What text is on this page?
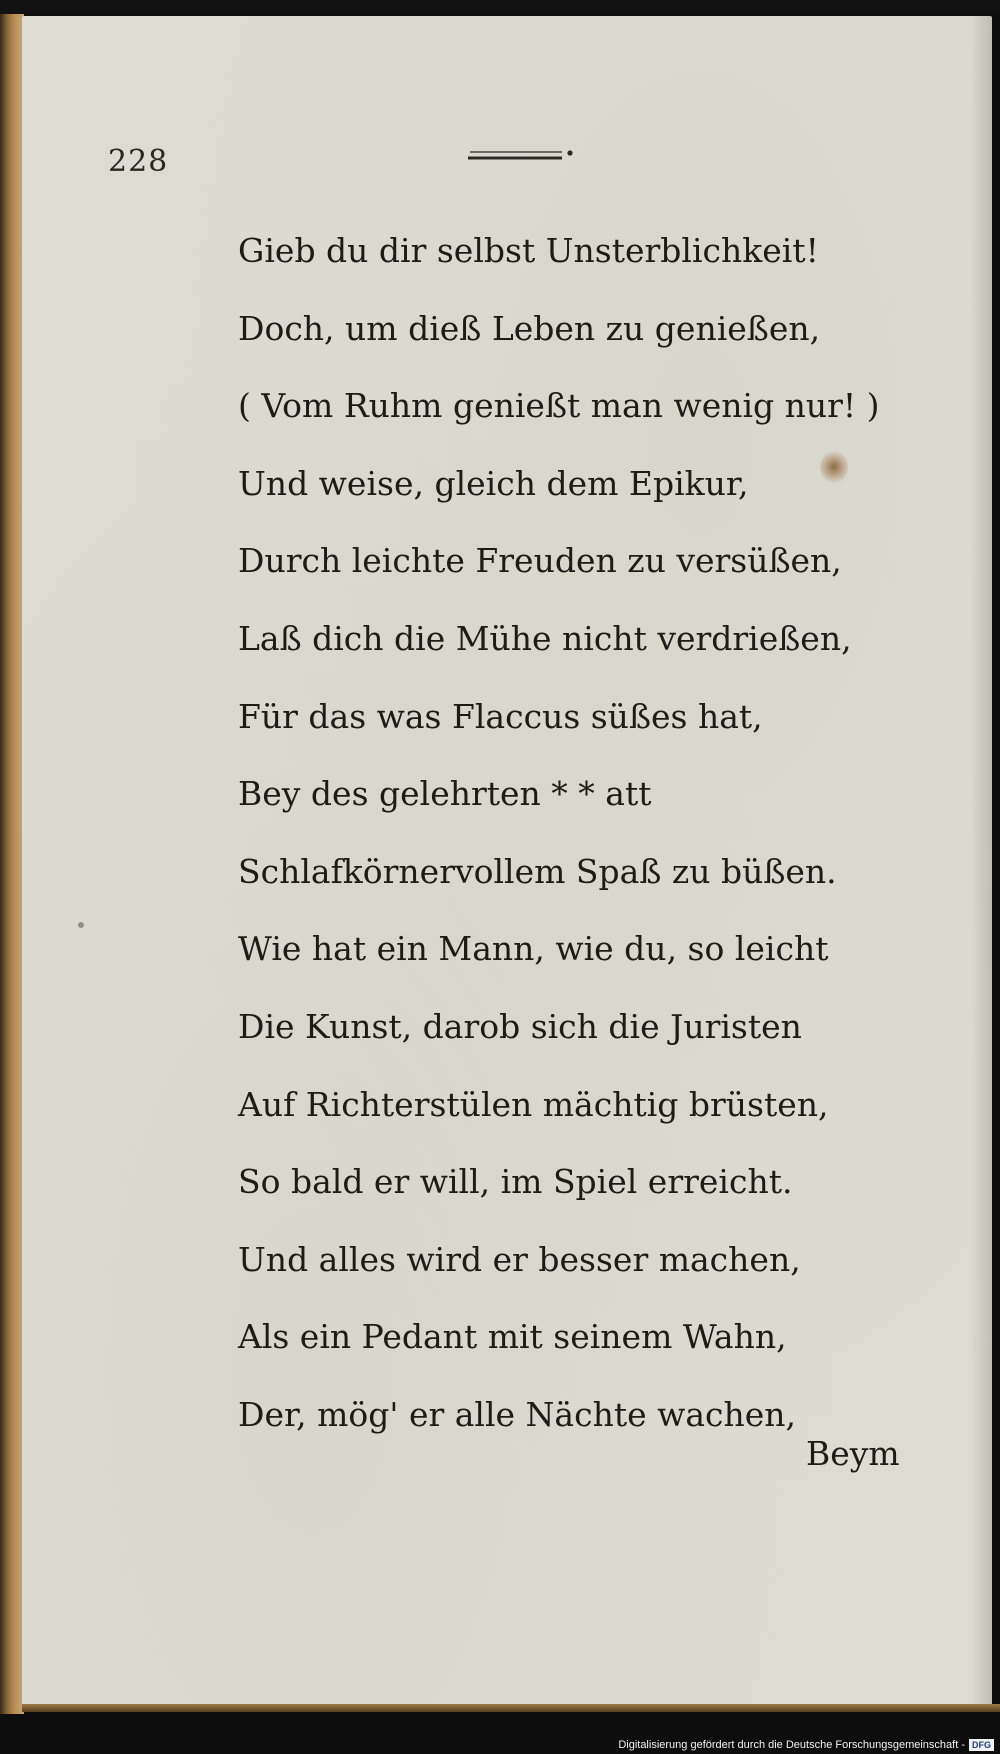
228
Gieb du dir selbst Unsterblichkeit!
Doch, um dieß Leben zu genießen,
( Vom Ruhm genießt man wenig nur! )
Und weise, gleich dem Epikur,
Durch leichte Freuden zu versüßen,
Laß dich die Mühe nicht verdrießen,
Für das was Flaccus süßes hat,
Bey des gelehrten * * att
Schlafkörnervollem Spaß zu büßen.
Wie hat ein Mann, wie du, so leicht
Die Kunst, darob sich die Juristen
Auf Richterstülen mächtig brüsten,
So bald er will, im Spiel erreicht.
Und alles wird er besser machen,
Als ein Pedant mit seinem Wahn,
Der, mög' er alle Nächte wachen,
Beym
Digitalisierung gefördert durch die Deutsche Forschungsgemeinschaft - DFG
